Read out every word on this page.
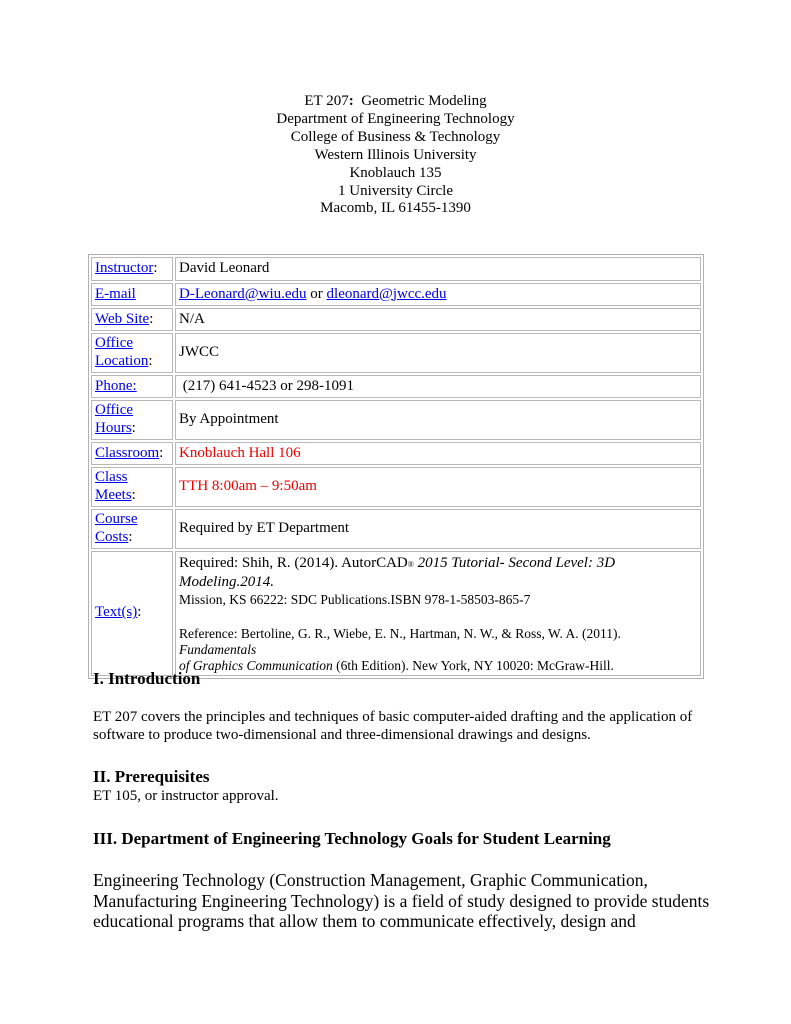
ET 207: Geometric Modeling
Department of Engineering Technology
College of Business & Technology
Western Illinois University
Knoblauch 135
1 University Circle
Macomb, IL 61455-1390
Instructor:	David Leonard
E-mail	D-Leonard@wiu.edu or dleonard@jwcc.edu
Web Site:	N/A
Office
Location:	JWCC
Phone:	(217) 641-4523 or 298-1091
Office
Hours:	By Appointment
Classroom:	Knoblauch Hall 106
Class
Meets:	TTH 8:00am – 9:50am
Course
Costs:	Required by ET Department
Text(s):	Required: Shih, R. (2014). AutorCAD® 2015 Tutorial- Second Level: 3D Modeling.2014.
Mission, KS 66222: SDC Publications.ISBN 978-1-58503-865-7
Reference: Bertoline, G. R., Wiebe, E. N., Hartman, N. W., & Ross, W. A. (2011).
Fundamentals
of Graphics Communication (6th Edition). New York, NY 10020: McGraw-Hill.
I. Introduction

ET 207 covers the principles and techniques of basic computer-aided drafting and the application of software to produce two-dimensional and three-dimensional drawings and designs.

II. Prerequisites

ET 105, or instructor approval.

III. Department of Engineering Technology Goals for Student Learning

Engineering Technology (Construction Management, Graphic Communication, Manufacturing Engineering Technology) is a field of study designed to provide students educational programs that allow them to communicate effectively, design and
